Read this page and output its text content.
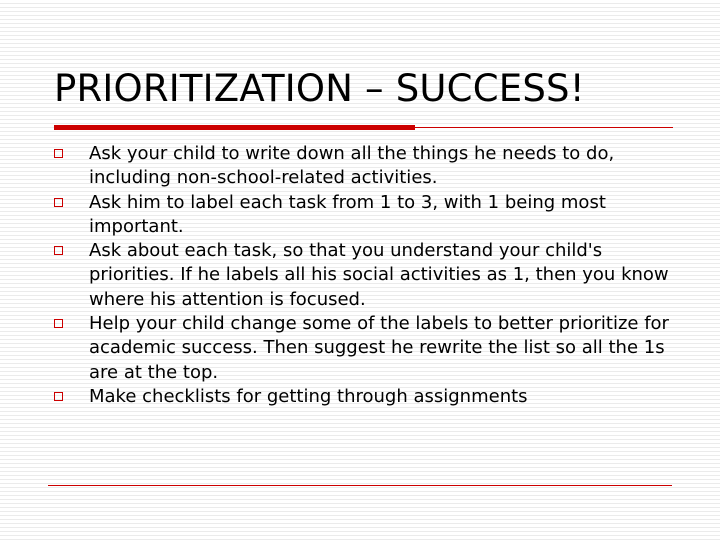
PRIORITIZATION – SUCCESS!
Ask your child to write down all the things he needs to do, including non-school-related activities.
Ask him to label each task from 1 to 3, with 1 being most important.
Ask about each task, so that you understand your child's priorities. If he labels all his social activities as 1, then you know where his attention is focused.
Help your child change some of the labels to better prioritize for academic success. Then suggest he rewrite the list so all the 1s are at the top.
Make checklists for getting through assignments
